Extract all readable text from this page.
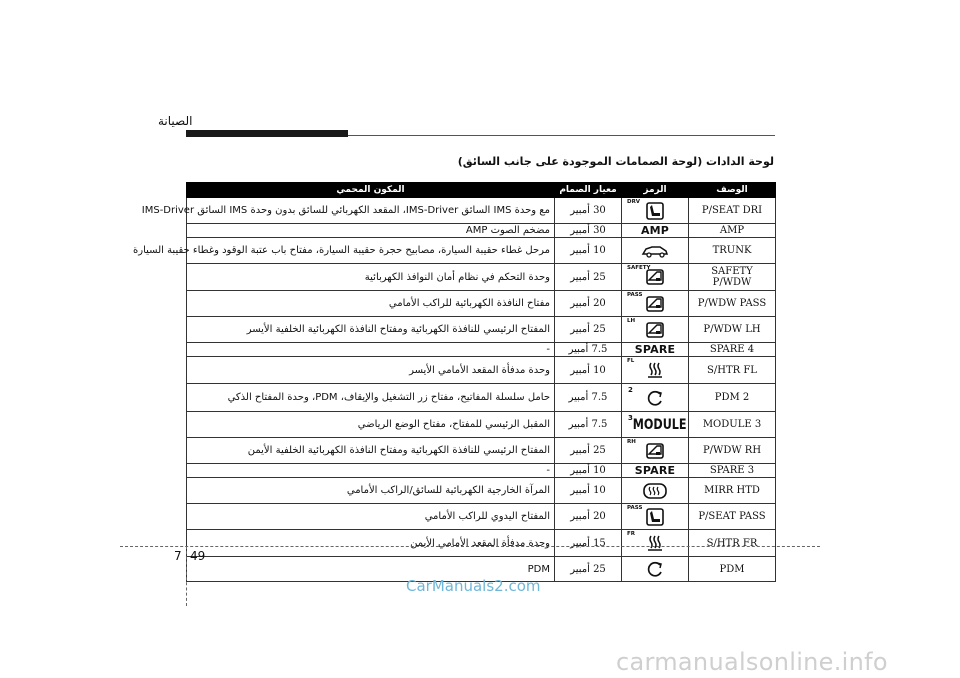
الصيانة
لوحة الدادات (لوحة الصمامات الموجودة على جانب السائق)
المكون المحمي	معيار الصمام	الرمز	الوصف
مع وحدة IMS السائق IMS-Driver، المقعد الكهربائي للسائق بدون وحدة IMS السائق IMS-Driver	30 أمبير	DRV	P/SEAT DRI
مضخم الصوت AMP	30 أمبير	AMP	AMP
مرحل غطاء حقيبة السيارة، مصابيح حجرة حقيبة السيارة، مفتاح باب عتبة الوقود وغطاء حقيبة السيارة	10 أمبير		TRUNK
وحدة التحكم في نظام أمان النوافذ الكهربائية	25 أمبير	SAFETY	SAFETY P/WDW
مفتاح النافذة الكهربائية للراكب الأمامي	20 أمبير	PASS	P/WDW PASS
المفتاح الرئيسي للنافذة الكهربائية ومفتاح النافذة الكهربائية الخلفية الأيسر	25 أمبير	LH	P/WDW LH
-	7.5 أمبير	SPARE	SPARE 4
وحدة مدفأة المقعد الأمامي الأيسر	10 أمبير	FL	S/HTR FL
حامل سلسلة المفاتيح، مفتاح زر التشغيل والإيقاف، PDM، وحدة المفتاح الذكي	7.5 أمبير	2	PDM 2
المقبل الرئيسي للمفتاح، مفتاح الوضع الرياضي	7.5 أمبير	3 MODULE	MODULE 3
المفتاح الرئيسي للنافذة الكهربائية ومفتاح النافذة الكهربائية الخلفية الأيمن	25 أمبير	RH	P/WDW RH
-	10 أمبير	SPARE	SPARE 3
المرآة الخارجية الكهربائية للسائق/الراكب الأمامي	10 أمبير		MIRR HTD
المفتاح اليدوي للراكب الأمامي	20 أمبير	PASS	P/SEAT PASS
وحدة مدفأة المقعد الأمامي الأيمن	15 أمبير	FR	S/HTR FR
PDM	25 أمبير		PDM
7 49
CarManuals2.com
carmanualsonline.info
